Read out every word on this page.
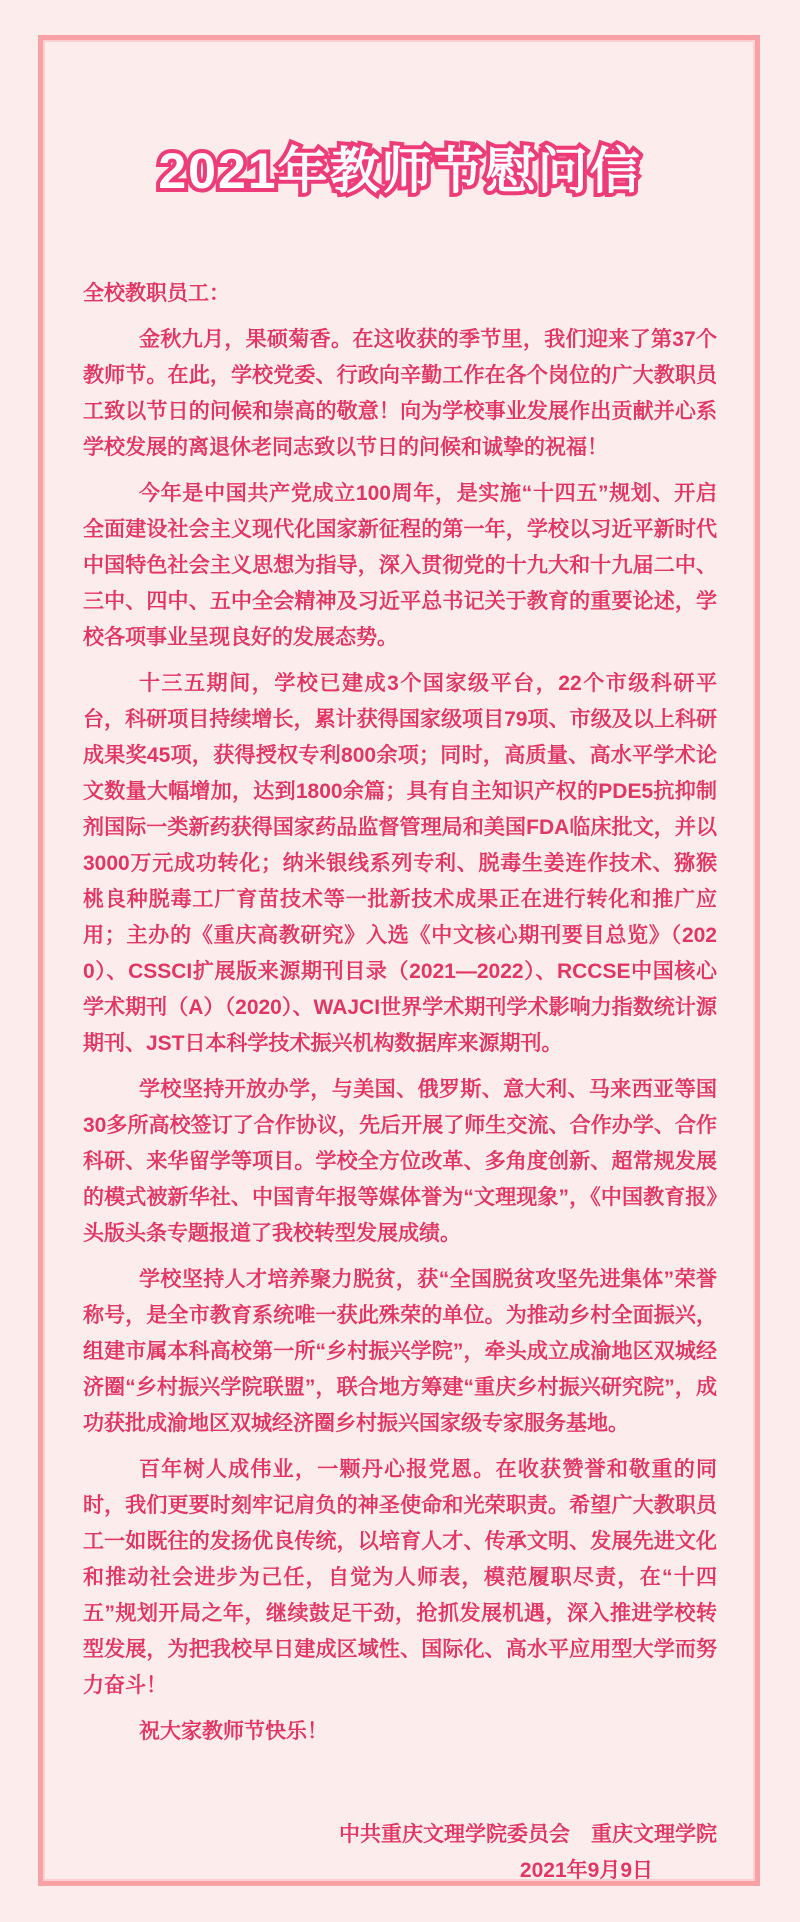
2021年教师节慰问信
全校教职员工：

金秋九月，果硕菊香。在这收获的季节里，我们迎来了第37个教师节。在此，学校党委、行政向辛勤工作在各个岗位的广大教职员工致以节日的问候和崇高的敬意！向为学校事业发展作出贡献并心系学校发展的离退休老同志致以节日的问候和诚挚的祝福！

今年是中国共产党成立100周年，是实施“十四五”规划、开启全面建设社会主义现代化国家新征程的第一年，学校以习近平新时代中国特色社会主义思想为指导，深入贯彻党的十九大和十九届二中、三中、四中、五中全会精神及习近平总书记关于教育的重要论述，学校各项事业呈现良好的发展态势。

十三五期间，学校已建成3个国家级平台，22个市级科研平台，科研项目持续增长，累计获得国家级项目79项、市级及以上科研成果奖45项，获得授权专利800余项；同时，高质量、高水平学术论文数量大幅增加，达到1800余篇；具有自主知识产权的PDE5抗抑制剂国际一类新药获得国家药品监督管理局和美国FDA临床批文，并以3000万元成功转化；纳米银线系列专利、脱毒生姜连作技术、猕猴桃良种脱毒工厂育苗技术等一批新技术成果正在进行转化和推广应用；主办的《重庆高教研究》入选《中文核心期刊要目总览》（2020）、CSSCI扩展版来源期刊目录（2021—2022）、RCCSE中国核心学术期刊（A）（2020）、WAJCI世界学术期刊学术影响力指数统计源期刊、JST日本科学技术振兴机构数据库来源期刊。

学校坚持开放办学，与美国、俄罗斯、意大利、马来西亚等国30多所高校签订了合作协议，先后开展了师生交流、合作办学、合作科研、来华留学等项目。学校全方位改革、多角度创新、超常规发展的模式被新华社、中国青年报等媒体誉为“文理现象”，《中国教育报》头版头条专题报道了我校转型发展成绩。

学校坚持人才培养聚力脱贫，获“全国脱贫攻坚先进集体”荣誉称号，是全市教育系统唯一获此殊荣的单位。为推动乡村全面振兴，组建市属本科高校第一所“乡村振兴学院”，牵头成立成渝地区双城经济圈“乡村振兴学院联盟”，联合地方筹建“重庆乡村振兴研究院”，成功获批成渝地区双城经济圈乡村振兴国家级专家服务基地。

百年树人成伟业，一颗丹心报党恩。在收获赞誉和敬重的同时，我们更要时刻牢记肩负的神圣使命和光荣职责。希望广大教职员工一如既往的发扬优良传统，以培育人才、传承文明、发展先进文化和推动社会进步为己任，自觉为人师表，模范履职尽责，在“十四五”规划开局之年，继续鼓足干劲，抢抓发展机遇，深入推进学校转型发展，为把我校早日建成区域性、国际化、高水平应用型大学而努力奋斗！

祝大家教师节快乐！

中共重庆文理学院委员会　重庆文理学院
2021年9月9日
